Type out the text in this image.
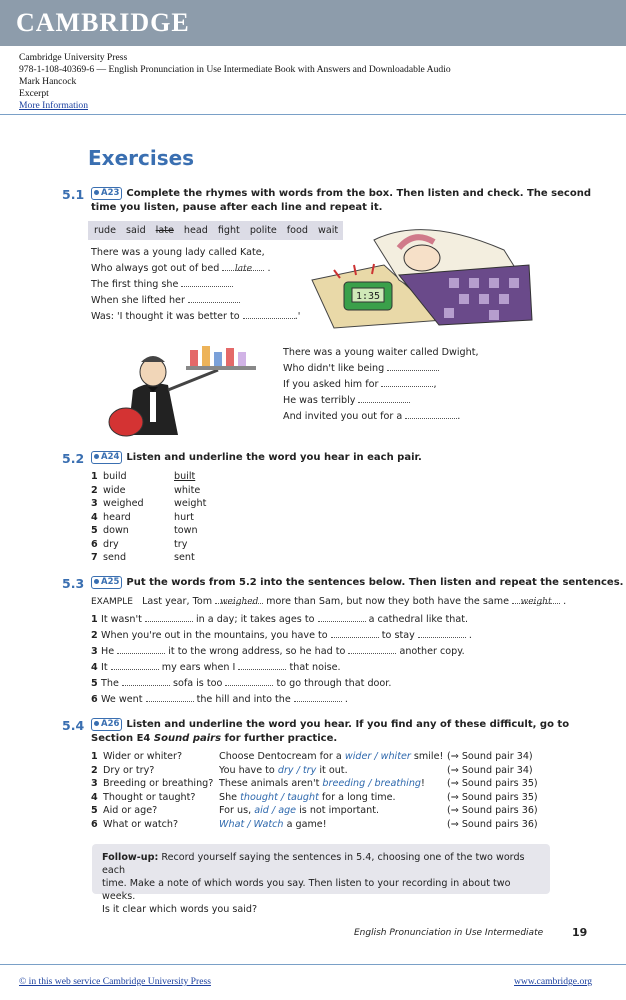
CAMBRIDGE
Cambridge University Press
978-1-108-40369-6 — English Pronunciation in Use Intermediate Book with Answers and Downloadable Audio
Mark Hancock
Excerpt
More Information
Exercises
5.1	A23 Complete the rhymes with words from the box. Then listen and check. The second
time you listen, pause after each line and repeat it.
rude said late head fight polite food wait
There was a young lady called Kate,
Who always got out of bed late .
The first thing she
When she lifted her
Was: 'I thought it was better to	.'
1:35
There was a young waiter called Dwight,
Who didn't like being
If you asked him for	,
He was terribly
And invited you out for a	.
5.2	A24 Listen and underline the word you hear in each pair.
1 build	built
2 wide	white
3 weighed	weight
4 heard	hurt
5 down	town
6 dry	try
7 send	sent
5.3	A25 Put the words from 5.2 into the sentences below. Then listen and repeat the sentences.
EXAMPLE Last year, Tom weighed more than Sam, but now they both have the same weight .
1 It wasn't	in a day; it takes ages to	a cathedral like that.
2 When you're out in the mountains, you have to	to stay	.
3 He	it to the wrong address, so he had to	another copy.
4 It	my ears when I	that noise.
5 The	sofa is too	to go through that door.
6 We went	the hill and into the	.
5.4	A26 Listen and underline the word you hear. If you find any of these difficult, go to
Section E4 Sound pairs for further practice.
1 Wider or whiter?	Choose Dentocream for a wider / whiter smile! (⇒ Sound pair 34)
2 Dry or try?	You have to dry / try it out.	(⇒ Sound pair 34)
3 Breeding or breathing? These animals aren't breeding / breathing! (⇒ Sound pairs 35)
4 Thought or taught? She thought / taught for a long time.	(⇒ Sound pairs 35)
5 Aid or age?	For us, aid / age is not important.	(⇒ Sound pairs 36)
6 What or watch?	What / Watch a game!	(⇒ Sound pairs 36)
Follow-up: Record yourself saying the sentences in 5.4, choosing one of the two words each
time. Make a note of which words you say. Then listen to your recording in about two weeks.
Is it clear which words you said?
English Pronunciation in Use Intermediate	19
© in this web service Cambridge University Press	www.cambridge.org
